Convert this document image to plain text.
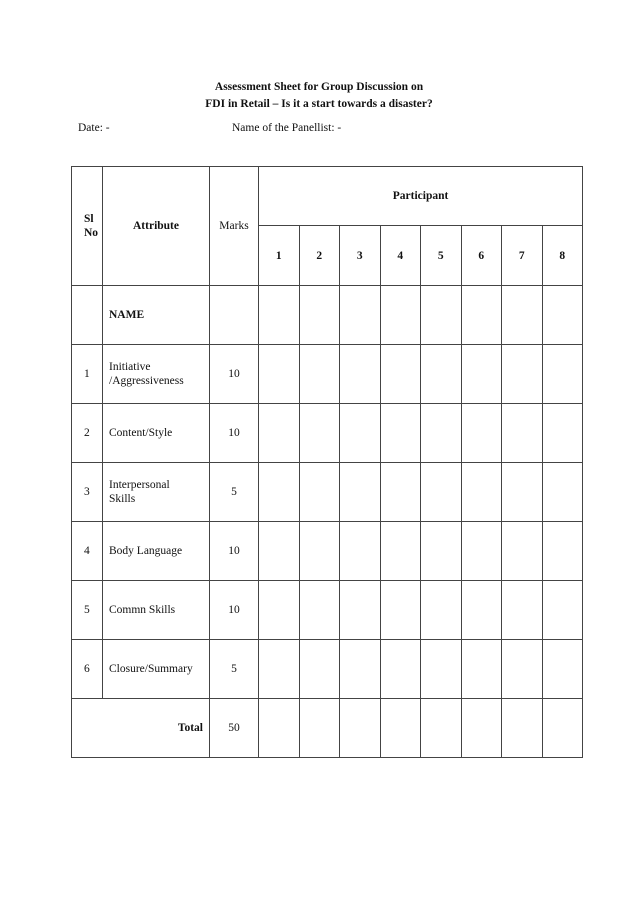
Assessment Sheet for Group Discussion on
FDI in Retail – Is it a start towards a disaster?
Date: -	Name of the Panellist: -
Sl
No	Attribute	Marks	Participant							
			1	2	3	4	5	6	7	8
	NAME									
1	Initiative
/Aggressiveness	10								
2	Content/Style	10								
3	Interpersonal
Skills	5								
4	Body Language	10								
5	Commn Skills	10								
6	Closure/Summary	5								
Total		50								
